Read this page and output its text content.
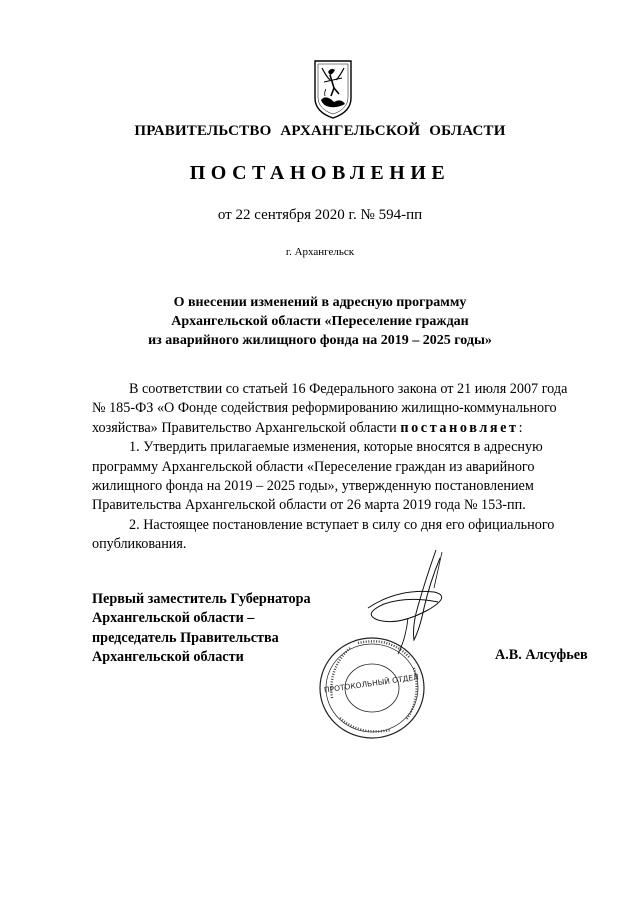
ПРАВИТЕЛЬСТВО АРХАНГЕЛЬСКОЙ ОБЛАСТИ
ПОСТАНОВЛЕНИЕ
от 22 сентября 2020 г. № 594-пп
г. Архангельск
О внесении изменений в адресную программу
Архангельской области «Переселение граждан
из аварийного жилищного фонда на 2019 – 2025 годы»
В соответствии со статьей 16 Федерального закона от 21 июля 2007 года
№ 185-ФЗ «О Фонде содействия реформированию жилищно-коммунального
хозяйства» Правительство Архангельской области постановляет:
1. Утвердить прилагаемые изменения, которые вносятся в адресную
программу Архангельской области «Переселение граждан из аварийного
жилищного фонда на 2019 – 2025 годы», утвержденную постановлением
Правительства Архангельской области от 26 марта 2019 года № 153-пп.
2. Настоящее постановление вступает в силу со дня его официального
опубликования.
Первый заместитель Губернатора
Архангельской области –
председатель Правительства
Архангельской области
ПРОТОКОЛЬНЫЙ ОТДЕЛ
А.В. Алсуфьев
